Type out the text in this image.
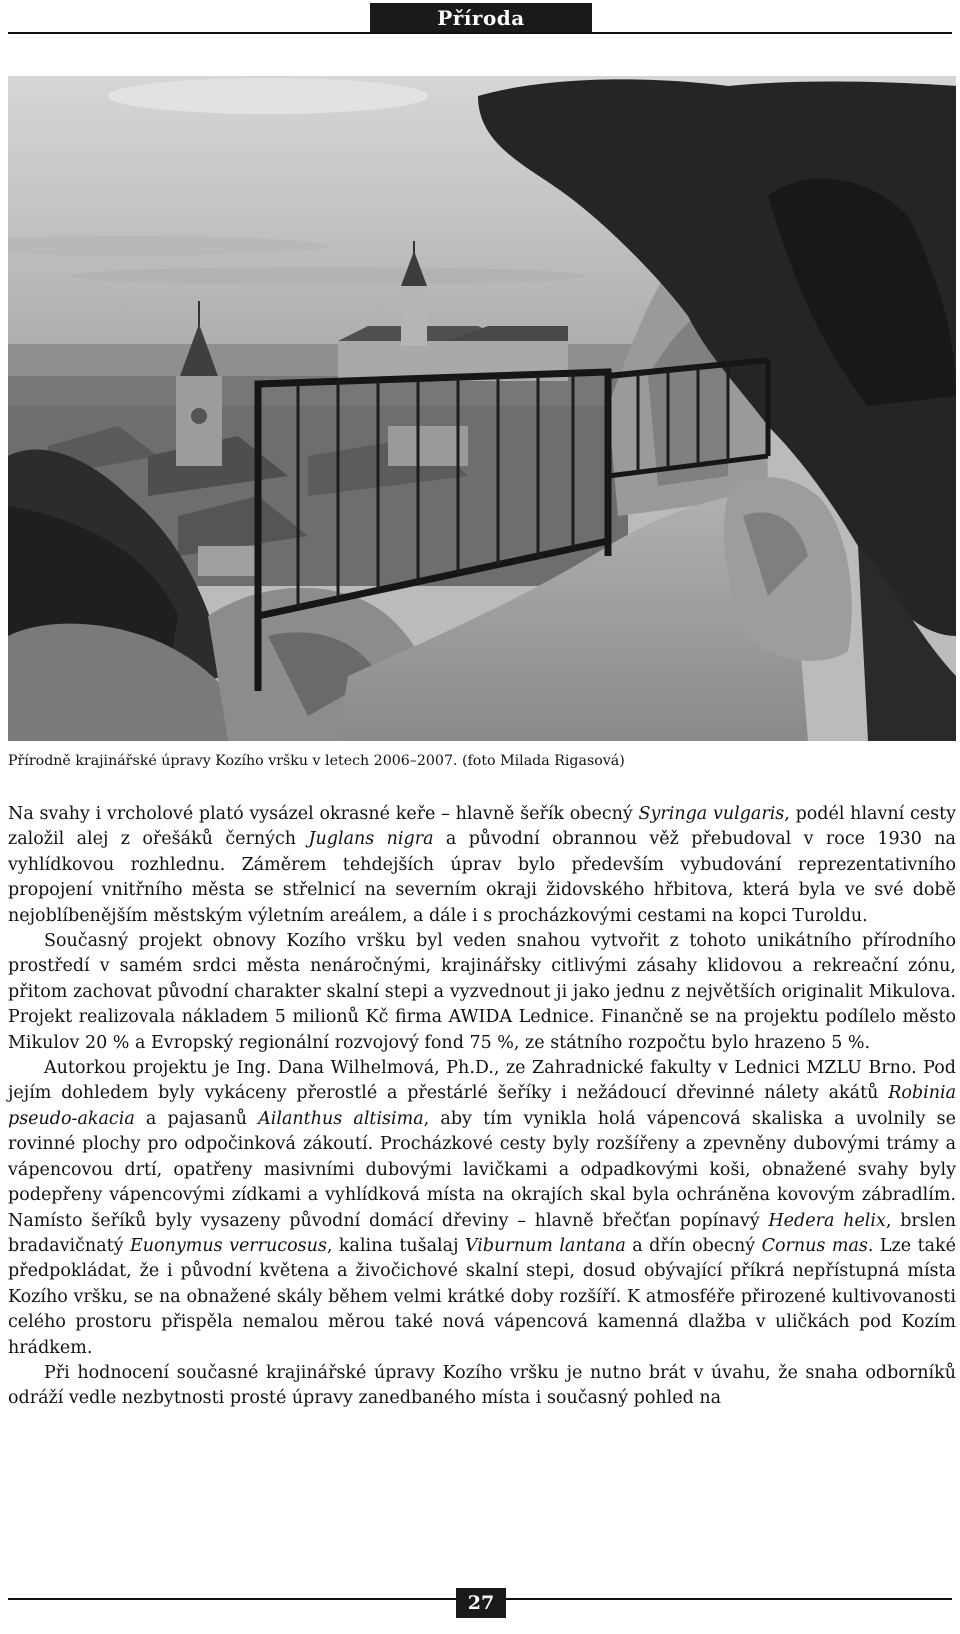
Příroda
Přírodně krajinářské úpravy Kozího vršku v letech 2006–2007. (foto Milada Rigasová)

Na svahy i vrcholové plató vysázel okrasné keře – hlavně šeřík obecný Syringa vulgaris, podél hlavní cesty založil alej z ořešáků černých Juglans nigra a původní obrannou věž přebudoval v roce 1930 na vyhlídkovou rozhlednu. Záměrem tehdejších úprav bylo především vybudování reprezentativního propojení vnitřního města se střelnicí na severním okraji židovského hřbitova, která byla ve své době nejoblíbenějším městským výletním areálem, a dále i s procházkovými cestami na kopci Turoldu.

Současný projekt obnovy Kozího vršku byl veden snahou vytvořit z tohoto unikátního přírodního prostředí v samém srdci města nenáročnými, krajinářsky citlivými zásahy klidovou a rekreační zónu, přitom zachovat původní charakter skalní stepi a vyzvednout ji jako jednu z největších originalit Mikulova. Projekt realizovala nákladem 5 milionů Kč firma AWIDA Lednice. Finančně se na projektu podílelo město Mikulov 20 % a Evropský regionální rozvojový fond 75 %, ze státního rozpočtu bylo hrazeno 5 %.

Autorkou projektu je Ing. Dana Wilhelmová, Ph.D., ze Zahradnické fakulty v Lednici MZLU Brno. Pod jejím dohledem byly vykáceny přerostlé a přestárlé šeříky i nežádoucí dřevinné nálety akátů Robinia pseudo-akacia a pajasanů Ailanthus altisima, aby tím vynikla holá vápencová skaliska a uvolnily se rovinné plochy pro odpočinková zákoutí. Procházkové cesty byly rozšířeny a zpevněny dubovými trámy a vápencovou drtí, opatřeny masivními dubovými lavičkami a odpadkovými koši, obnažené svahy byly podepřeny vápencovými zídkami a vyhlídková místa na okrajích skal byla ochráněna kovovým zábradlím. Namísto šeříků byly vysazeny původní domácí dřeviny – hlavně břečťan popínavý Hedera helix, brslen bradavičnatý Euonymus verrucosus, kalina tušalaj Viburnum lantana a dřín obecný Cornus mas. Lze také předpokládat, že i původní květena a živočichové skalní stepi, dosud obývající příkrá nepřístupná místa Kozího vršku, se na obnažené skály během velmi krátké doby rozšíří. K atmosféře přirozené kultivovanosti celého prostoru přispěla nemalou měrou také nová vápencová kamenná dlažba v uličkách pod Kozím hrádkem.

Při hodnocení současné krajinářské úpravy Kozího vršku je nutno brát v úvahu, že snaha odborníků odráží vedle nezbytnosti prosté úpravy zanedbaného místa i současný pohled na

27
